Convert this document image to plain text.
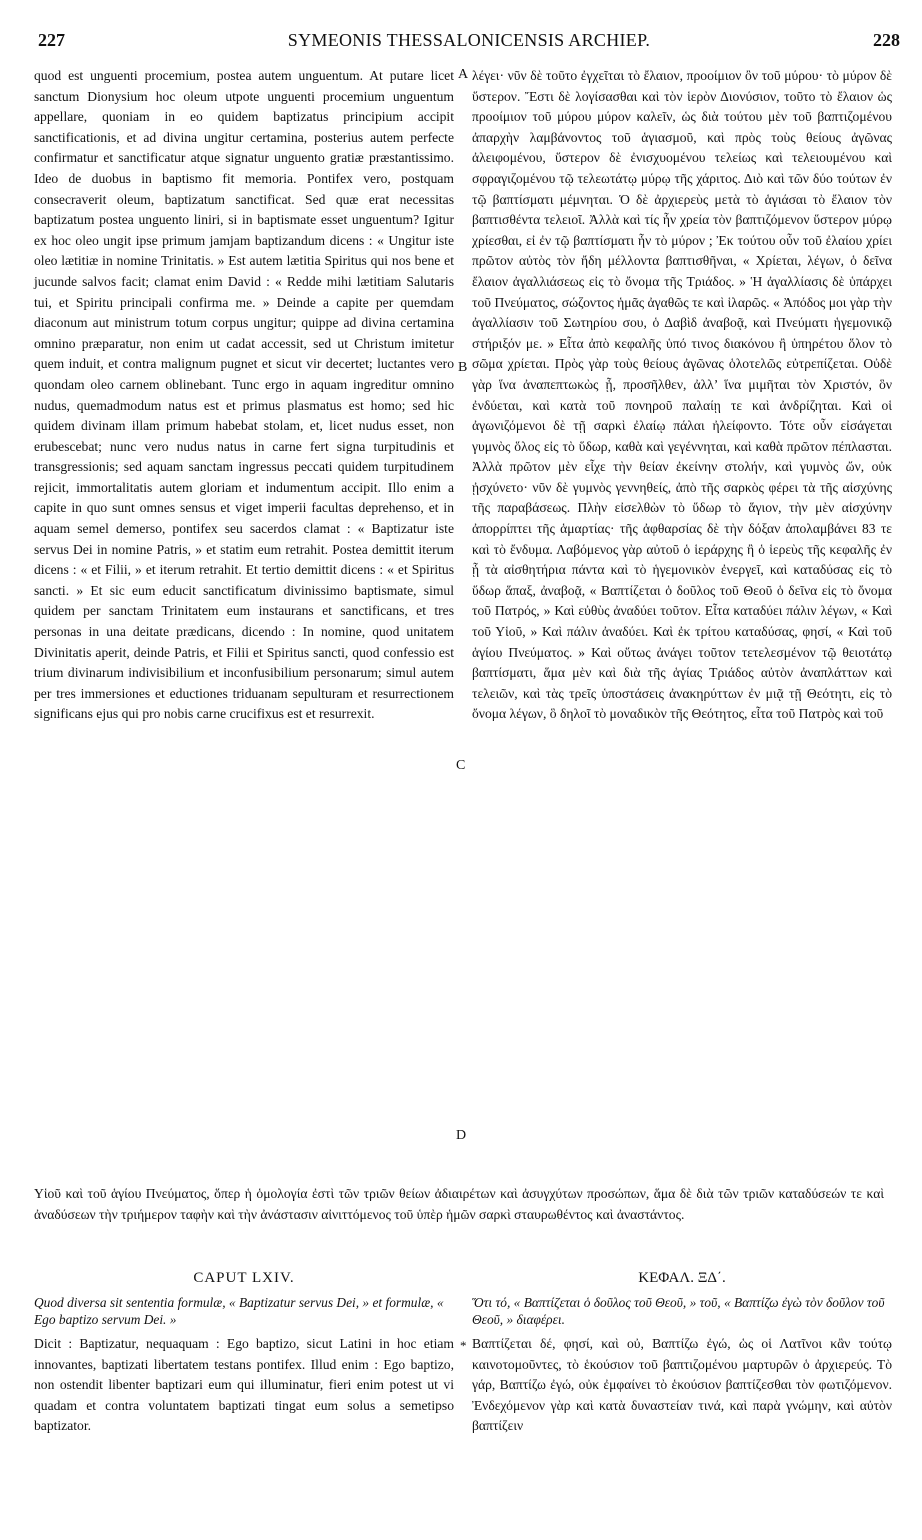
227	SYMEONIS THESSALONICENSIS ARCHIEP.	228
quod est unguenti procemium, postea autem unguentum. At putare licet sanctum Dionysium hoc oleum utpote unguenti procemium unguentum appellare, quoniam in eo quidem baptizatus principium accipit sanctificationis, et ad divina ungitur certamina, posterius autem perfecte confirmatur et sanctificatur atque signatur unguento gratiæ præstantissimo. Ideo de duobus in baptismo fit memoria. Pontifex vero, postquam consecraverit oleum, baptizatum sanctificat. Sed quæ erat necessitas baptizatum postea unguento liniri, si in baptismate esset unguentum? Igitur ex hoc oleo ungit ipse primum jamjam baptizandum dicens : « Ungitur iste oleo lætitiæ in nomine Trinitatis. » Est autem lætitia Spiritus qui nos bene et jucunde salvos facit; clamat enim David : « Redde mihi lætitiam Salutaris tui, et Spiritu principali confirma me. » Deinde a capite per quemdam diaconum aut ministrum totum corpus ungitur; quippe ad divina certamina omnino præparatur, non enim ut cadat accessit, sed ut Christum imitetur quem induit, et contra malignum pugnet et sicut vir decertet; luctantes vero quondam oleo carnem oblinebant. Tunc ergo in aquam ingreditur omnino nudus, quemadmodum natus est et primus plasmatus est homo; sed hic quidem divinam illam primum habebat stolam, et, licet nudus esset, non erubescebat; nunc vero nudus natus in carne fert signa turpitudinis et transgressionis; sed aquam sanctam ingressus peccati quidem turpitudinem rejicit, immortalitatis autem gloriam et indumentum accipit. Illo enim a capite in quo sunt omnes sensus et viget imperii facultas deprehenso, et in aquam semel demerso, pontifex seu sacerdos clamat : « Baptizatur iste servus Dei in nomine Patris, » et statim eum retrahit. Postea demittit iterum dicens : « et Filii, » et iterum retrahit. Et tertio demittit dicens : « et Spiritus sancti. » Et sic eum educit sanctificatum divinissimo baptismate, simul quidem per sanctam Trinitatem eum instaurans et sanctificans, et tres personas in una deitate prædicans, dicendo : In nomine, quod unitatem Divinitatis aperit, deinde Patris, et Filii et Spiritus sancti, quod confessio est trium divinarum indivisibilium et inconfusibilium personarum; simul autem per tres immersiones et eductiones triduanam sepulturam et resurrectionem significans ejus qui pro nobis carne crucifixus est et resurrexit.
λέγει· νῦν δὲ τοῦτο ἐγχεῖται τὸ ἔλαιον, προοίμιον ὂν τοῦ μύρου· τὸ μύρον δὲ ὕστερον. Ἔστι δὲ λογίσασθαι καὶ τὸν ἱερὸν Διονύσιον, τοῦτο τὸ ἔλαιον ὡς προοίμιον τοῦ μύρου μύρον καλεῖν, ὡς διὰ τούτου μὲν τοῦ βαπτιζομένου ἀπαρχὴν λαμβάνοντος τοῦ ἁγιασμοῦ, καὶ πρὸς τοὺς θείους ἀγῶνας ἀλειφομένου, ὕστερον δὲ ἐνισχυομένου τελείως καὶ τελειουμένου καὶ σφραγιζομένου τῷ τελεωτάτῳ μύρῳ τῆς χάριτος. Διὸ καὶ τῶν δύο τούτων ἐν τῷ βαπτίσματι μέμνηται. Ὁ δὲ ἀρχιερεὺς μετὰ τὸ ἁγιάσαι τὸ ἔλαιον τὸν βαπτισθέντα τελειοῖ. Ἀλλὰ καὶ τίς ἦν χρεία τὸν βαπτιζόμενον ὕστερον μύρῳ χρίεσθαι, εἰ ἐν τῷ βαπτίσματι ἦν τὸ μύρον ; Ἐκ τούτου οὖν τοῦ ἐλαίου χρίει πρῶτον αὐτὸς τὸν ἤδη μέλλοντα βαπτισθῆναι, « Χρίεται, λέγων, ὁ δεῖνα ἔλαιον ἀγαλλιάσεως εἰς τὸ ὄνομα τῆς Τριάδος. » Ἡ ἀγαλλίασις δὲ ὑπάρχει τοῦ Πνεύματος, σώζοντος ἡμᾶς ἀγαθῶς τε καὶ ἱλαρῶς. « Ἀπόδος μοι γὰρ τὴν ἀγαλλίασιν τοῦ Σωτηρίου σου, ὁ Δαβὶδ ἀναβοᾷ, καὶ Πνεύματι ἡγεμονικῷ στήριξόν με. » Εἶτα ἀπὸ κεφαλῆς ὑπό τινος διακόνου ἢ ὑπηρέτου ὅλον τὸ σῶμα χρίεται. Πρὸς γὰρ τοὺς θείους ἀγῶνας ὁλοτελῶς εὐτρεπίζεται. Οὐδὲ γὰρ ἵνα ἀναπεπτωκὼς ᾖ, προσῆλθεν, ἀλλ’ ἵνα μιμῆται τὸν Χριστόν, ὃν ἐνδύεται, καὶ κατὰ τοῦ πονηροῦ παλαίῃ τε καὶ ἀνδρίζηται. Καὶ οἱ ἀγωνιζόμενοι δὲ τῇ σαρκὶ ἐλαίῳ πάλαι ἠλείφοντο. Τότε οὖν εἰσάγεται γυμνὸς ὅλος εἰς τὸ ὕδωρ, καθὰ καὶ γεγέννηται, καὶ καθὰ πρῶτον πέπλασται. Ἀλλὰ πρῶτον μὲν εἶχε τὴν θείαν ἐκείνην στολήν, καὶ γυμνὸς ὤν, οὐκ ᾐσχύνετο· νῦν δὲ γυμνὸς γεννηθείς, ἀπὸ τῆς σαρκὸς φέρει τὰ τῆς αἰσχύνης τῆς παραβάσεως. Πλὴν εἰσελθὼν τὸ ὕδωρ τὸ ἅγιον, τὴν μὲν αἰσχύνην ἀπορρίπτει τῆς ἁμαρτίας· τῆς ἀφθαρσίας δὲ τὴν δόξαν ἀπολαμβάνει 83 τε καὶ τὸ ἔνδυμα. Λαβόμενος γὰρ αὐτοῦ ὁ ἱεράρχης ἢ ὁ ἱερεὺς τῆς κεφαλῆς ἐν ᾗ τὰ αἰσθητήρια πάντα καὶ τὸ ἡγεμονικὸν ἐνεργεῖ, καὶ καταδύσας εἰς τὸ ὕδωρ ἅπαξ, ἀναβοᾷ, « Βαπτίζεται ὁ δοῦλος τοῦ Θεοῦ ὁ δεῖνα εἰς τὸ ὄνομα τοῦ Πατρός, » Καὶ εὐθὺς ἀναδύει τοῦτον. Εἶτα καταδύει πάλιν λέγων, « Καὶ τοῦ Υἱοῦ, » Καὶ πάλιν ἀναδύει. Καὶ ἐκ τρίτου καταδύσας, φησί, « Καὶ τοῦ ἁγίου Πνεύματος. » Καὶ οὕτως ἀνάγει τοῦτον τετελεσμένον τῷ θειοτάτῳ βαπτίσματι, ἅμα μὲν καὶ διὰ τῆς ἁγίας Τριάδος αὐτὸν ἀναπλάττων καὶ τελειῶν, καὶ τὰς τρεῖς ὑποστάσεις ἀνακηρύττων ἐν μιᾷ τῇ Θεότητι, εἰς τὸ ὄνομα λέγων, ὃ δηλοῖ τὸ μοναδικὸν τῆς Θεότητος, εἶτα τοῦ Πατρὸς καὶ τοῦ
A
B
C
D
Υἱοῦ καὶ τοῦ ἁγίου Πνεύματος, ὅπερ ἡ ὁμολογία ἐστὶ τῶν τριῶν θείων ἀδιαιρέτων καὶ ἀσυγχύτων προσώπων, ἅμα δὲ διὰ τῶν τριῶν καταδύσεών τε καὶ ἀναδύσεων τὴν τριήμερον ταφὴν καὶ τὴν ἀνάστασιν αἰνιττόμενος τοῦ ὑπὲρ ἡμῶν σαρκὶ σταυρωθέντος καὶ ἀναστάντος.
CAPUT LXIV.
Quod diversa sit sententia formulæ, « Baptizatur servus Dei, » et formulæ, « Ego baptizo servum Dei. »
Dicit : Baptizatur, nequaquam : Ego baptizo, sicut Latini in hoc etiam innovantes, baptizati libertatem testans pontifex. Illud enim : Ego baptizo, non ostendit libenter baptizari eum qui illuminatur, fieri enim potest ut vi quadam et contra voluntatem baptizati tingat eum solus a semetipso baptizator.
*
ΚΕΦΑΛ. ΞΔ΄.
Ὅτι τό, « Βαπτίζεται ὁ δοῦλος τοῦ Θεοῦ, » τοῦ, « Βαπτίζω ἐγὼ τὸν δοῦλον τοῦ Θεοῦ, » διαφέρει.
Βαπτίζεται δέ, φησί, καὶ οὐ, Βαπτίζω ἐγώ, ὡς οἱ Λατῖνοι κἂν τούτῳ καινοτομοῦντες, τὸ ἑκούσιον τοῦ βαπτιζομένου μαρτυρῶν ὁ ἀρχιερεύς. Τὸ γάρ, Βαπτίζω ἐγώ, οὐκ ἐμφαίνει τὸ ἑκούσιον βαπτίζεσθαι τὸν φωτιζόμενον. Ἐνδεχόμενον γὰρ καὶ κατὰ δυναστείαν τινά, καὶ παρὰ γνώμην, καὶ αὐτὸν βαπτίζειν
